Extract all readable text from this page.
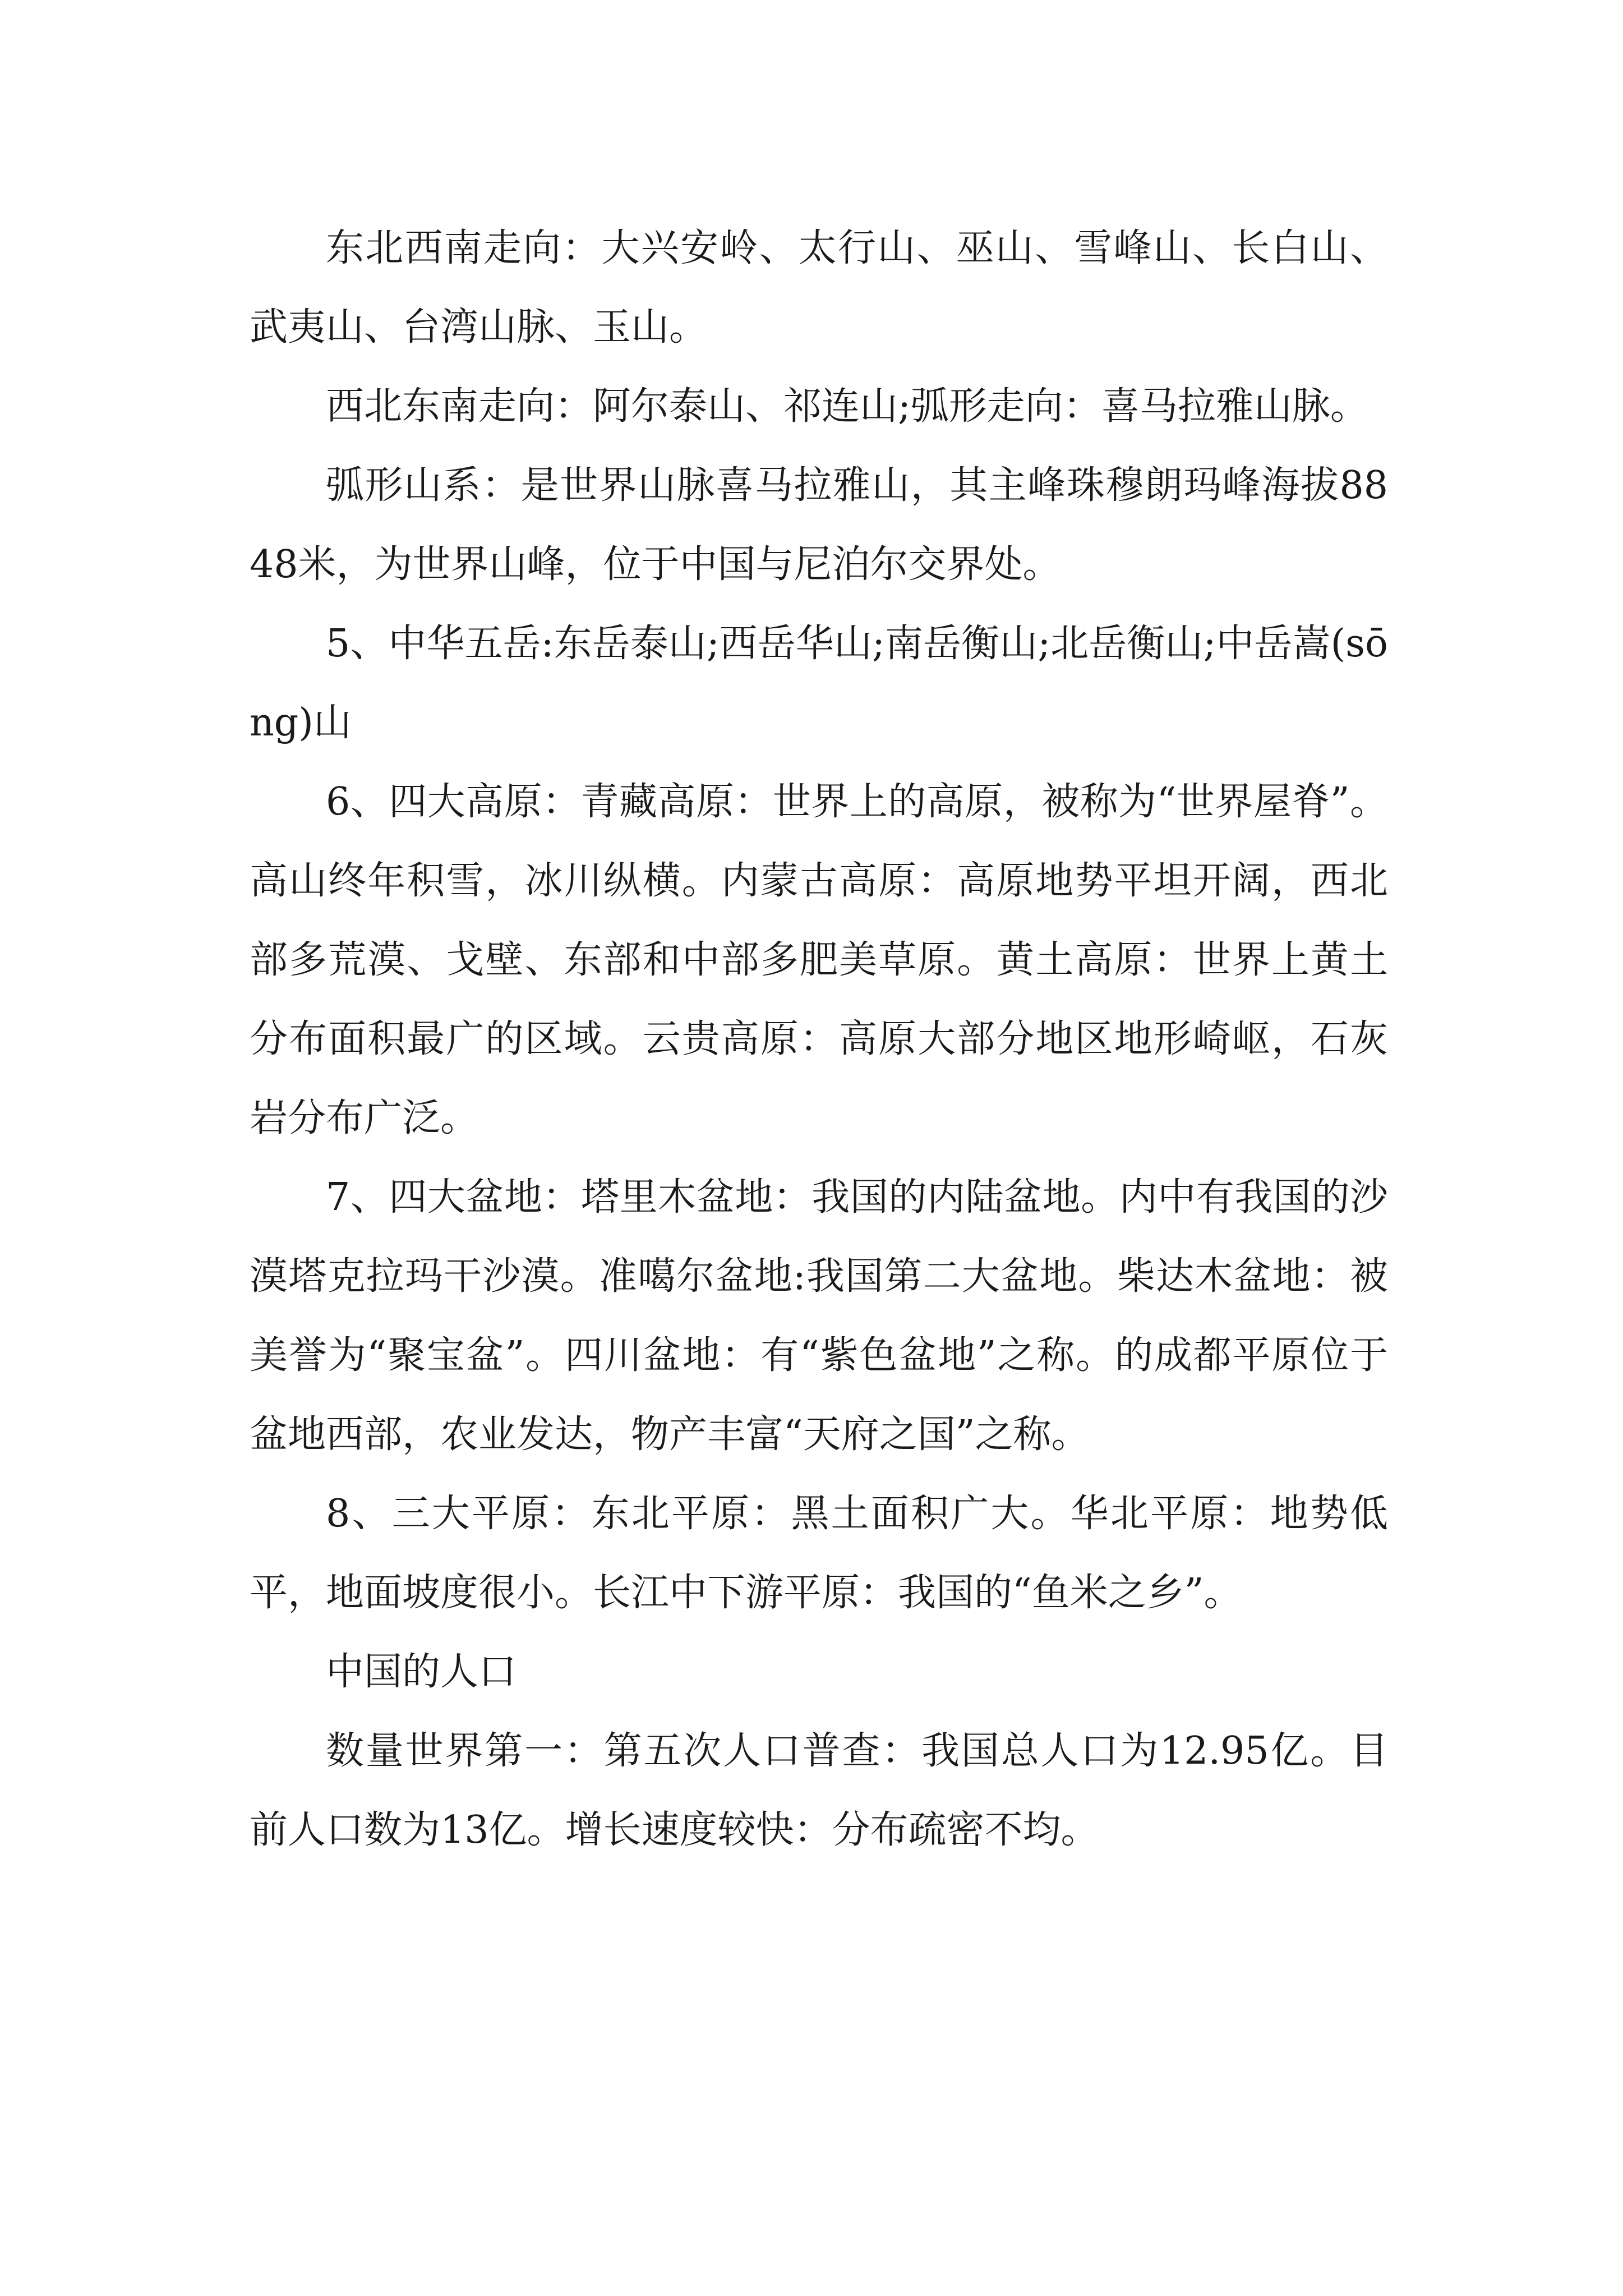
东北西南走向：大兴安岭、太行山、巫山、雪峰山、长白山、武夷山、台湾山脉、玉山。

西北东南走向：阿尔泰山、祁连山;弧形走向：喜马拉雅山脉。

弧形山系：是世界山脉喜马拉雅山，其主峰珠穆朗玛峰海拔8848米，为世界山峰，位于中国与尼泊尔交界处。

5、中华五岳:东岳泰山;西岳华山;南岳衡山;北岳衡山;中岳嵩(sōng)山

6、四大高原：青藏高原：世界上的高原，被称为“世界屋脊”。高山终年积雪，冰川纵横。内蒙古高原：高原地势平坦开阔，西北部多荒漠、戈壁、东部和中部多肥美草原。黄土高原：世界上黄土分布面积最广的区域。云贵高原：高原大部分地区地形崎岖，石灰岩分布广泛。

7、四大盆地：塔里木盆地：我国的内陆盆地。内中有我国的沙漠塔克拉玛干沙漠。准噶尔盆地:我国第二大盆地。柴达木盆地：被美誉为“聚宝盆”。四川盆地：有“紫色盆地”之称。的成都平原位于盆地西部，农业发达，物产丰富“天府之国”之称。

8、三大平原：东北平原：黑土面积广大。华北平原：地势低平，地面坡度很小。长江中下游平原：我国的“鱼米之乡”。

中国的人口

数量世界第一：第五次人口普查：我国总人口为12.95亿。目前人口数为13亿。增长速度较快：分布疏密不均。
